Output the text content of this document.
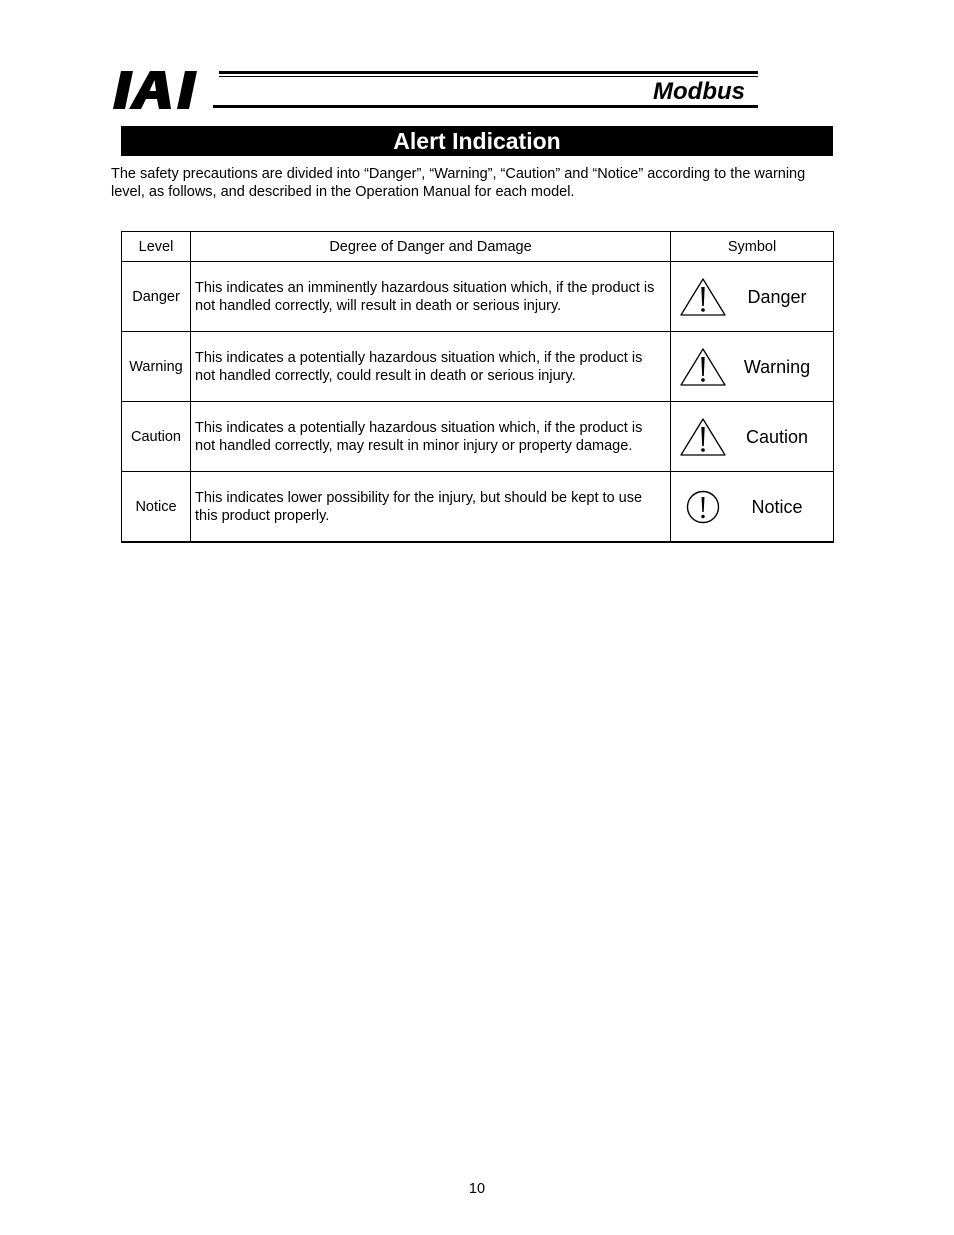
Modbus
Alert Indication
The safety precautions are divided into “Danger”, “Warning”, “Caution” and “Notice” according to the warning level, as follows, and described in the Operation Manual for each model.
Level	Degree of Danger and Damage	Symbol
Danger	This indicates an imminently hazardous situation which, if the product is not handled correctly, will result in death or serious injury.	Danger

Warning	This indicates a potentially hazardous situation which, if the product is not handled correctly, could result in death or serious injury.	Warning

Caution	This indicates a potentially hazardous situation which, if the product is not handled correctly, may result in minor injury or property damage.	Caution

Notice	This indicates lower possibility for the injury, but should be kept to use this product properly.	Notice
10
